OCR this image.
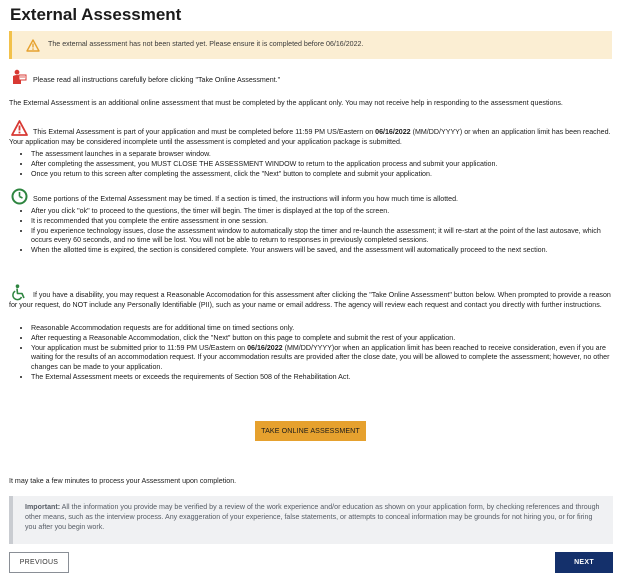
External Assessment
The external assessment has not been started yet. Please ensure it is completed before 06/16/2022.

Please read all instructions carefully before clicking "Take Online Assessment."

The External Assessment is an additional online assessment that must be completed by the applicant only. You may not receive help in responding to the assessment questions.

This External Assessment is part of your application and must be completed before 11:59 PM US/Eastern on 06/16/2022 (MM/DD/YYYY) or when an application limit has been reached. Your application may be considered incomplete until the assessment is completed and your application package is submitted.

• The assessment launches in a separate browser window.
• After completing the assessment, you MUST CLOSE THE ASSESSMENT WINDOW to return to the application process and submit your application.
• Once you return to this screen after completing the assessment, click the "Next" button to complete and submit your application.

Some portions of the External Assessment may be timed. If a section is timed, the instructions will inform you how much time is allotted.

• After you click "ok" to proceed to the questions, the timer will begin. The timer is displayed at the top of the screen.
• It is recommended that you complete the entire assessment in one session.
• If you experience technology issues, close the assessment window to automatically stop the timer and re-launch the assessment; it will re-start at the point of the last autosave, which occurs every 60 seconds, and no time will be lost. You will not be able to return to responses in previously completed sessions.
• When the allotted time is expired, the section is considered complete. Your answers will be saved, and the assessment will automatically proceed to the next section.

If you have a disability, you may request a Reasonable Accomodation for this assessment after clicking the "Take Online Assessment" button below. When prompted to provide a reason for your request, do NOT include any Personally Identifiable (PII), such as your name or email address. The agency will review each request and contact you directly with further instructions.

• Reasonable Accommodation requests are for additional time on timed sections only.
• After requesting a Reasonable Accommodation, click the "Next" button on this page to complete and submit the rest of your application.
• Your application must be submitted prior to 11:59 PM US/Eastern on 06/16/2022 (MM/DD/YYYY)or when an application limit has been reached to receive consideration, even if you are waiting for the results of an accommodation request. If your accommodation results are provided after the close date, you will be allowed to complete the assessment; however, no other changes can be made to your application.
• The External Assessment meets or exceeds the requirements of Section 508 of the Rehabilitation Act.
TAKE ONLINE ASSESSMENT

It may take a few minutes to process your Assessment upon completion.

Important: All the information you provide may be verified by a review of the work experience and/or education as shown on your application form, by checking references and through other means, such as the interview process. Any exaggeration of your experience, false statements, or attempts to conceal information may be grounds for not hiring you, or for firing you after you begin work.
PREVIOUS	NEXT
